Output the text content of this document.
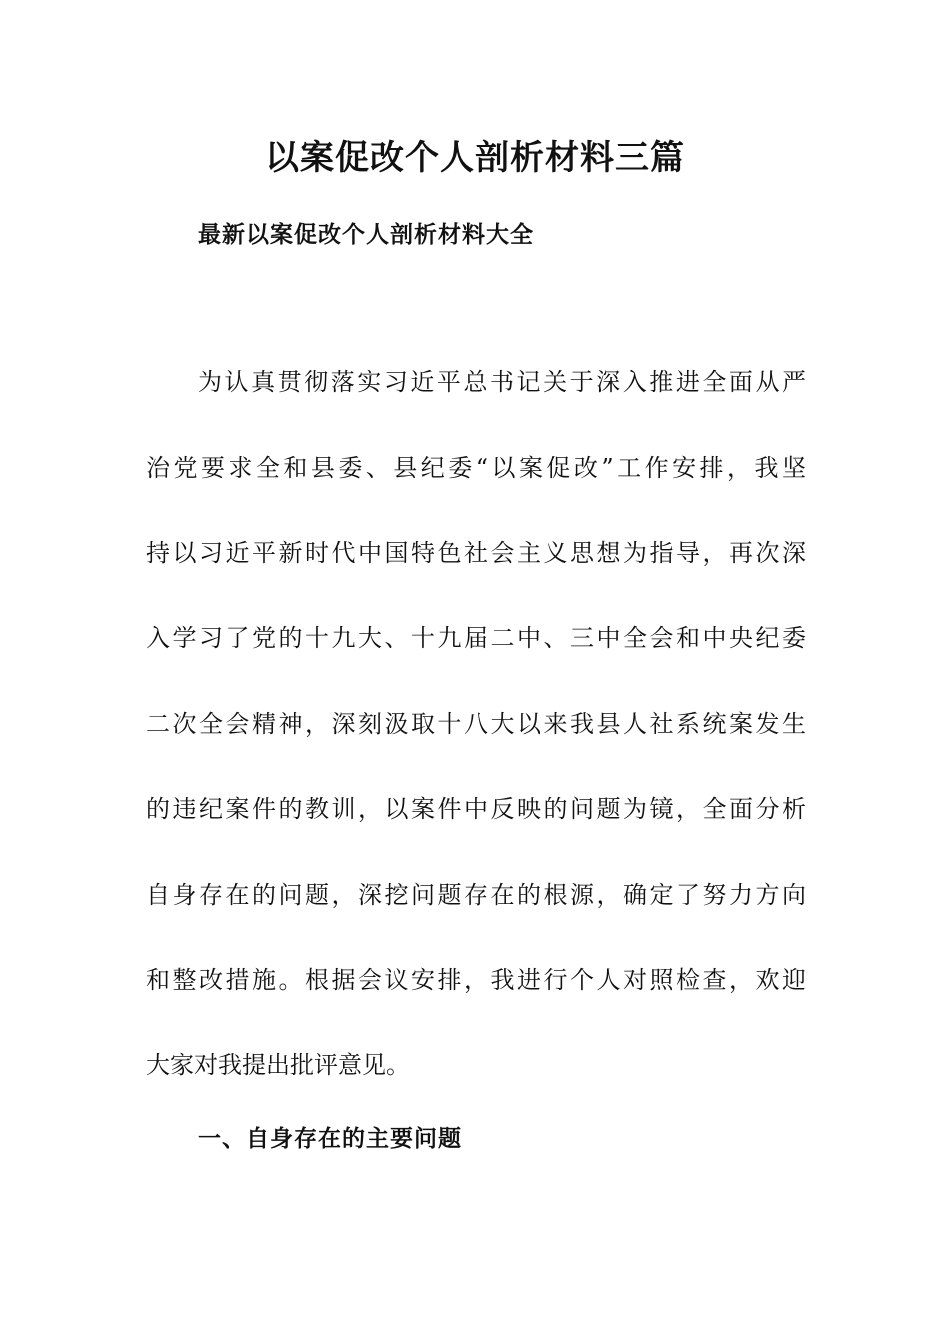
以案促改个人剖析材料三篇
最新以案促改个人剖析材料大全
为认真贯彻落实习近平总书记关于深入推进全面从严
治党要求全和县委、县纪委“以案促改”工作安排，我坚
持以习近平新时代中国特色社会主义思想为指导，再次深
入学习了党的十九大、十九届二中、三中全会和中央纪委
二次全会精神，深刻汲取十八大以来我县人社系统案发生
的违纪案件的教训，以案件中反映的问题为镜，全面分析
自身存在的问题，深挖问题存在的根源，确定了努力方向
和整改措施。根据会议安排，我进行个人对照检查，欢迎
大家对我提出批评意见。
一、自身存在的主要问题
